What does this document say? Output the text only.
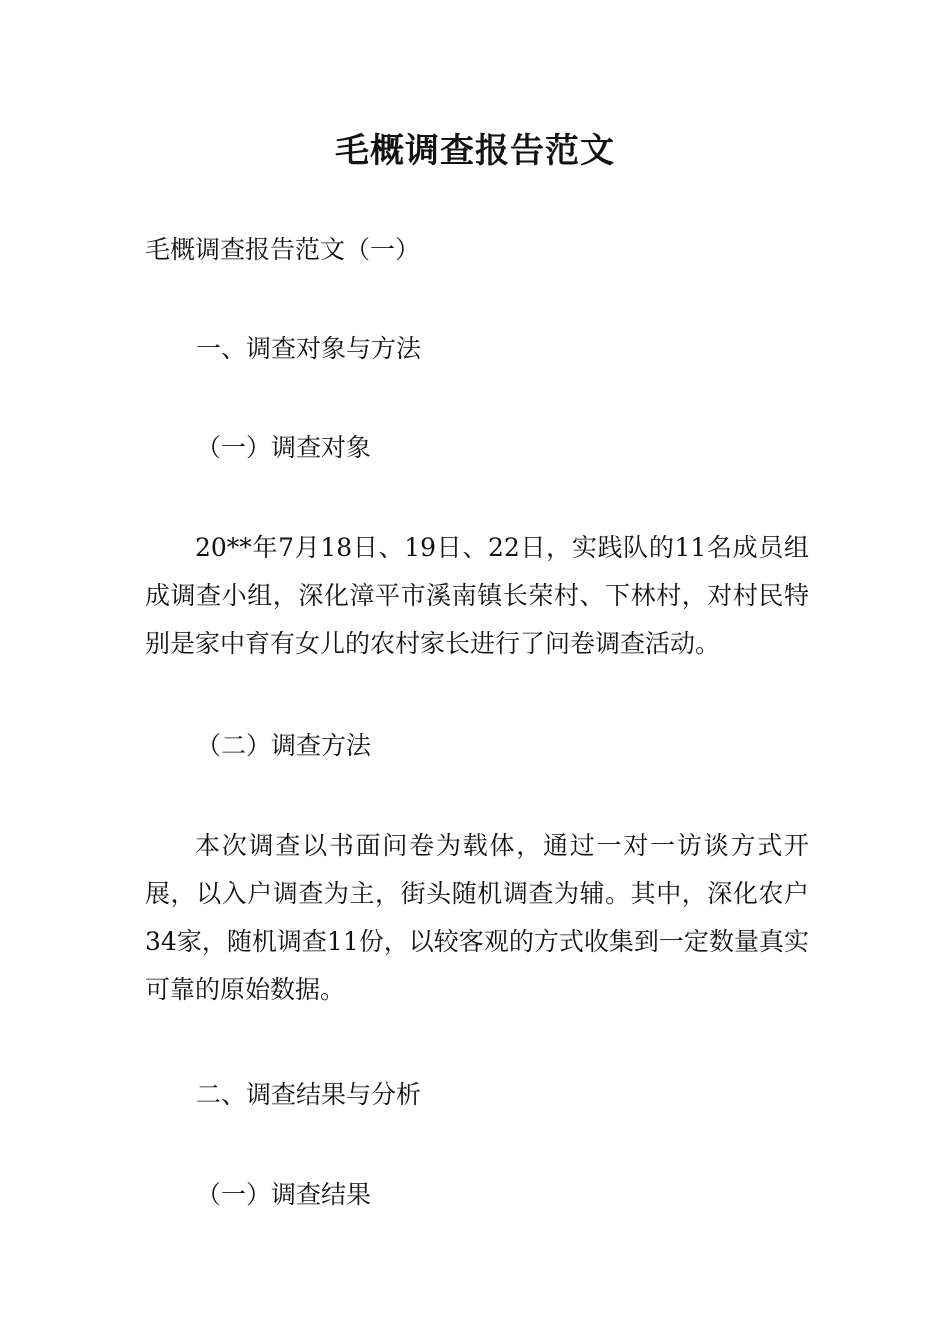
毛概调查报告范文
毛概调查报告范文（一）
一、调查对象与方法
（一）调查对象
20**年7月18日、19日、22日，实践队的11名成员组成调查小组，深化漳平市溪南镇长荣村、下林村，对村民特别是家中育有女儿的农村家长进行了问卷调查活动。
（二）调查方法
本次调查以书面问卷为载体，通过一对一访谈方式开展，以入户调查为主，街头随机调查为辅。其中，深化农户34家，随机调查11份，以较客观的方式收集到一定数量真实可靠的原始数据。
二、调查结果与分析
（一）调查结果
